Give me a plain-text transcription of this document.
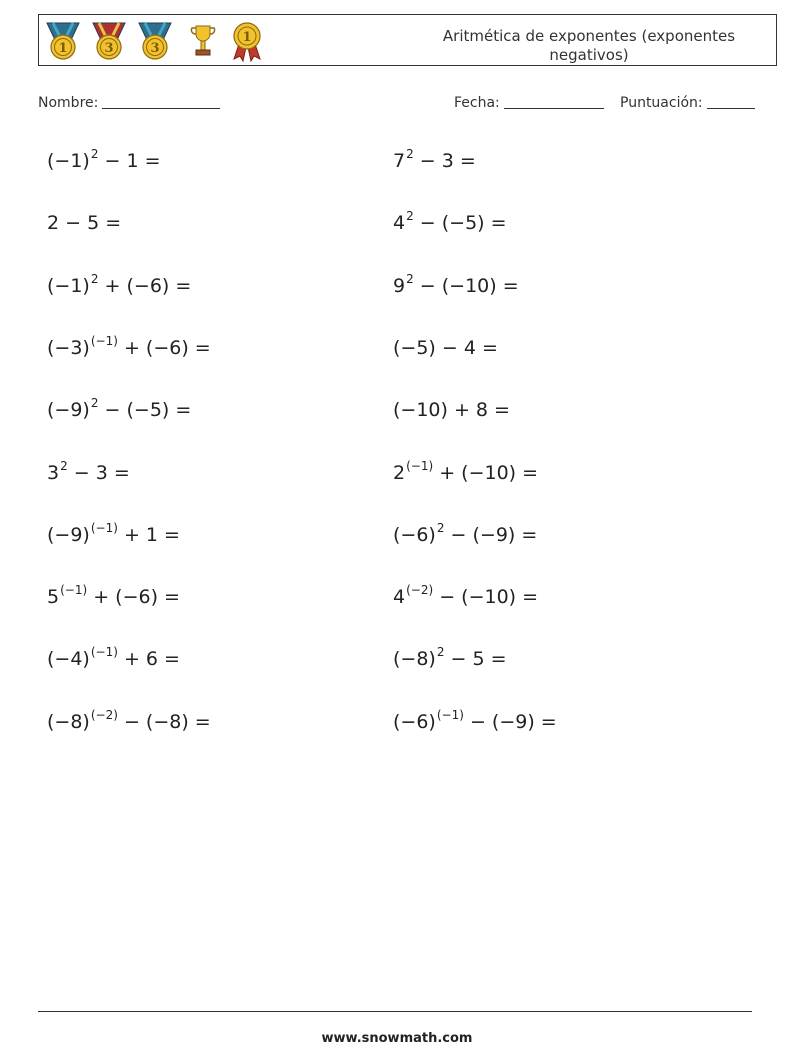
1	3	3
1	Aritmética de exponentes (exponentes negativos)
Nombre:	Fecha:	Puntuación:
$(-1)^2 - 1$ =
2 − 5 =
$(-1)^2 + (-6)$ =
$(-3)^{(-1)} + (-6)$ =
$(-9)^2 - (-5)$ =
$3^2 - 3$ =
$(-9)^{(-1)} + 1$ =
$5^{(-1)} + (-6)$ =
$(-4)^{(-1)} + 6$ =
$(-8)^{(-2)} - (-8)$ =
$7^2 - 3$ =
$4^2 - (-5)$ =
$9^2 - (-10)$ =
(−5) − 4 =
(−10) + 8 =
$2^{(-1)} + (-10)$ =
$(-6)^2 - (-9)$ =
$4^{(-2)} - (-10)$ =
$(-8)^2 - 5$ =
$(-6)^{(-1)} - (-9)$ =
www.snowmath.com
